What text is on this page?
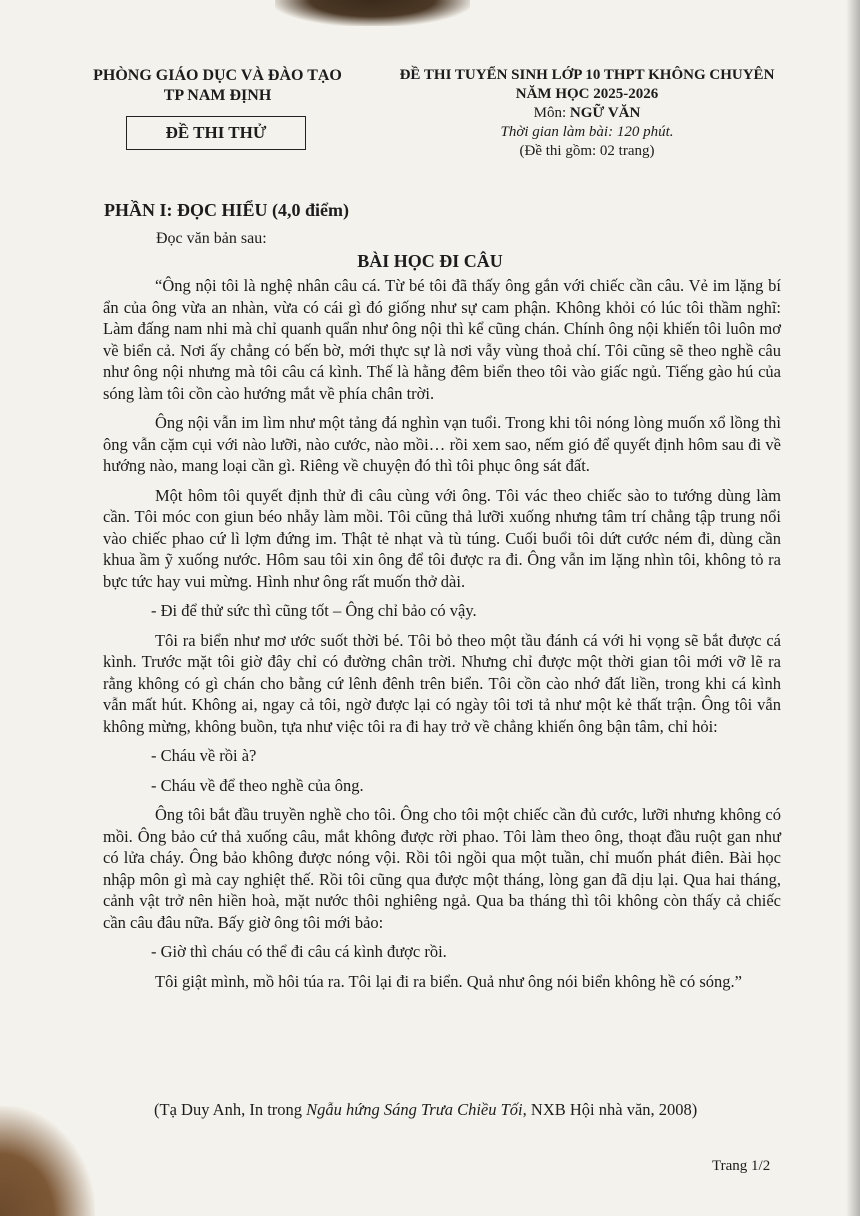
PHÒNG GIÁO DỤC VÀ ĐÀO TẠO
TP NAM ĐỊNH
ĐỀ THI THỬ
ĐỀ THI TUYỂN SINH LỚP 10 THPT KHÔNG CHUYÊN
NĂM HỌC 2025-2026
Môn: NGỮ VĂN
Thời gian làm bài: 120 phút.
(Đề thi gồm: 02 trang)
PHẦN I: ĐỌC HIỂU (4,0 điểm)
Đọc văn bản sau:
BÀI HỌC ĐI CÂU

“Ông nội tôi là nghệ nhân câu cá. Từ bé tôi đã thấy ông gắn với chiếc cần câu. Vẻ im lặng bí ẩn của ông vừa an nhàn, vừa có cái gì đó giống như sự cam phận. Không khỏi có lúc tôi thầm nghĩ: Làm đấng nam nhi mà chỉ quanh quẩn như ông nội thì kể cũng chán. Chính ông nội khiến tôi luôn mơ về biển cả. Nơi ấy chẳng có bến bờ, mới thực sự là nơi vẫy vùng thoả chí. Tôi cũng sẽ theo nghề câu như ông nội nhưng mà tôi câu cá kình. Thế là hằng đêm biển theo tôi vào giấc ngủ. Tiếng gào hú của sóng làm tôi cồn cào hướng mắt về phía chân trời.

Ông nội vẫn im lìm như một tảng đá nghìn vạn tuổi. Trong khi tôi nóng lòng muốn xổ lồng thì ông vẫn cặm cụi với nào lưỡi, nào cước, nào mồi… rồi xem sao, nếm gió để quyết định hôm sau đi về hướng nào, mang loại cần gì. Riêng về chuyện đó thì tôi phục ông sát đất.

Một hôm tôi quyết định thử đi câu cùng với ông. Tôi vác theo chiếc sào to tướng dùng làm cần. Tôi móc con giun béo nhẫy làm mồi. Tôi cũng thả lưỡi xuống nhưng tâm trí chẳng tập trung nổi vào chiếc phao cứ lì lợm đứng im. Thật tẻ nhạt và tù túng. Cuối buổi tôi dứt cước ném đi, dùng cần khua ầm ỹ xuống nước. Hôm sau tôi xin ông để tôi được ra đi. Ông vẫn im lặng nhìn tôi, không tỏ ra bực tức hay vui mừng. Hình như ông rất muốn thở dài.

- Đi để thử sức thì cũng tốt – Ông chỉ bảo có vậy.

Tôi ra biển như mơ ước suốt thời bé. Tôi bỏ theo một tầu đánh cá với hi vọng sẽ bắt được cá kình. Trước mặt tôi giờ đây chỉ có đường chân trời. Nhưng chỉ được một thời gian tôi mới vỡ lẽ ra rằng không có gì chán cho bằng cứ lênh đênh trên biển. Tôi cồn cào nhớ đất liền, trong khi cá kình vẫn mất hút. Không ai, ngay cả tôi, ngờ được lại có ngày tôi tơi tả như một kẻ thất trận. Ông tôi vẫn không mừng, không buồn, tựa như việc tôi ra đi hay trở về chẳng khiến ông bận tâm, chỉ hỏi:

- Cháu về rồi à?

- Cháu về để theo nghề của ông.

Ông tôi bắt đầu truyền nghề cho tôi. Ông cho tôi một chiếc cần đủ cước, lưỡi nhưng không có mồi. Ông bảo cứ thả xuống câu, mắt không được rời phao. Tôi làm theo ông, thoạt đầu ruột gan như có lửa cháy. Ông bảo không được nóng vội. Rồi tôi ngồi qua một tuần, chỉ muốn phát điên. Bài học nhập môn gì mà cay nghiệt thế. Rồi tôi cũng qua được một tháng, lòng gan đã dịu lại. Qua hai tháng, cảnh vật trở nên hiền hoà, mặt nước thôi nghiêng ngả. Qua ba tháng thì tôi không còn thấy cả chiếc cần câu đâu nữa. Bấy giờ ông tôi mới bảo:

- Giờ thì cháu có thể đi câu cá kình được rồi.

Tôi giật mình, mồ hôi túa ra. Tôi lại đi ra biển. Quả như ông nói biển không hề có sóng.”

(Tạ Duy Anh, In trong Ngẫu hứng Sáng Trưa Chiều Tối, NXB Hội nhà văn, 2008)
Trang 1/2
